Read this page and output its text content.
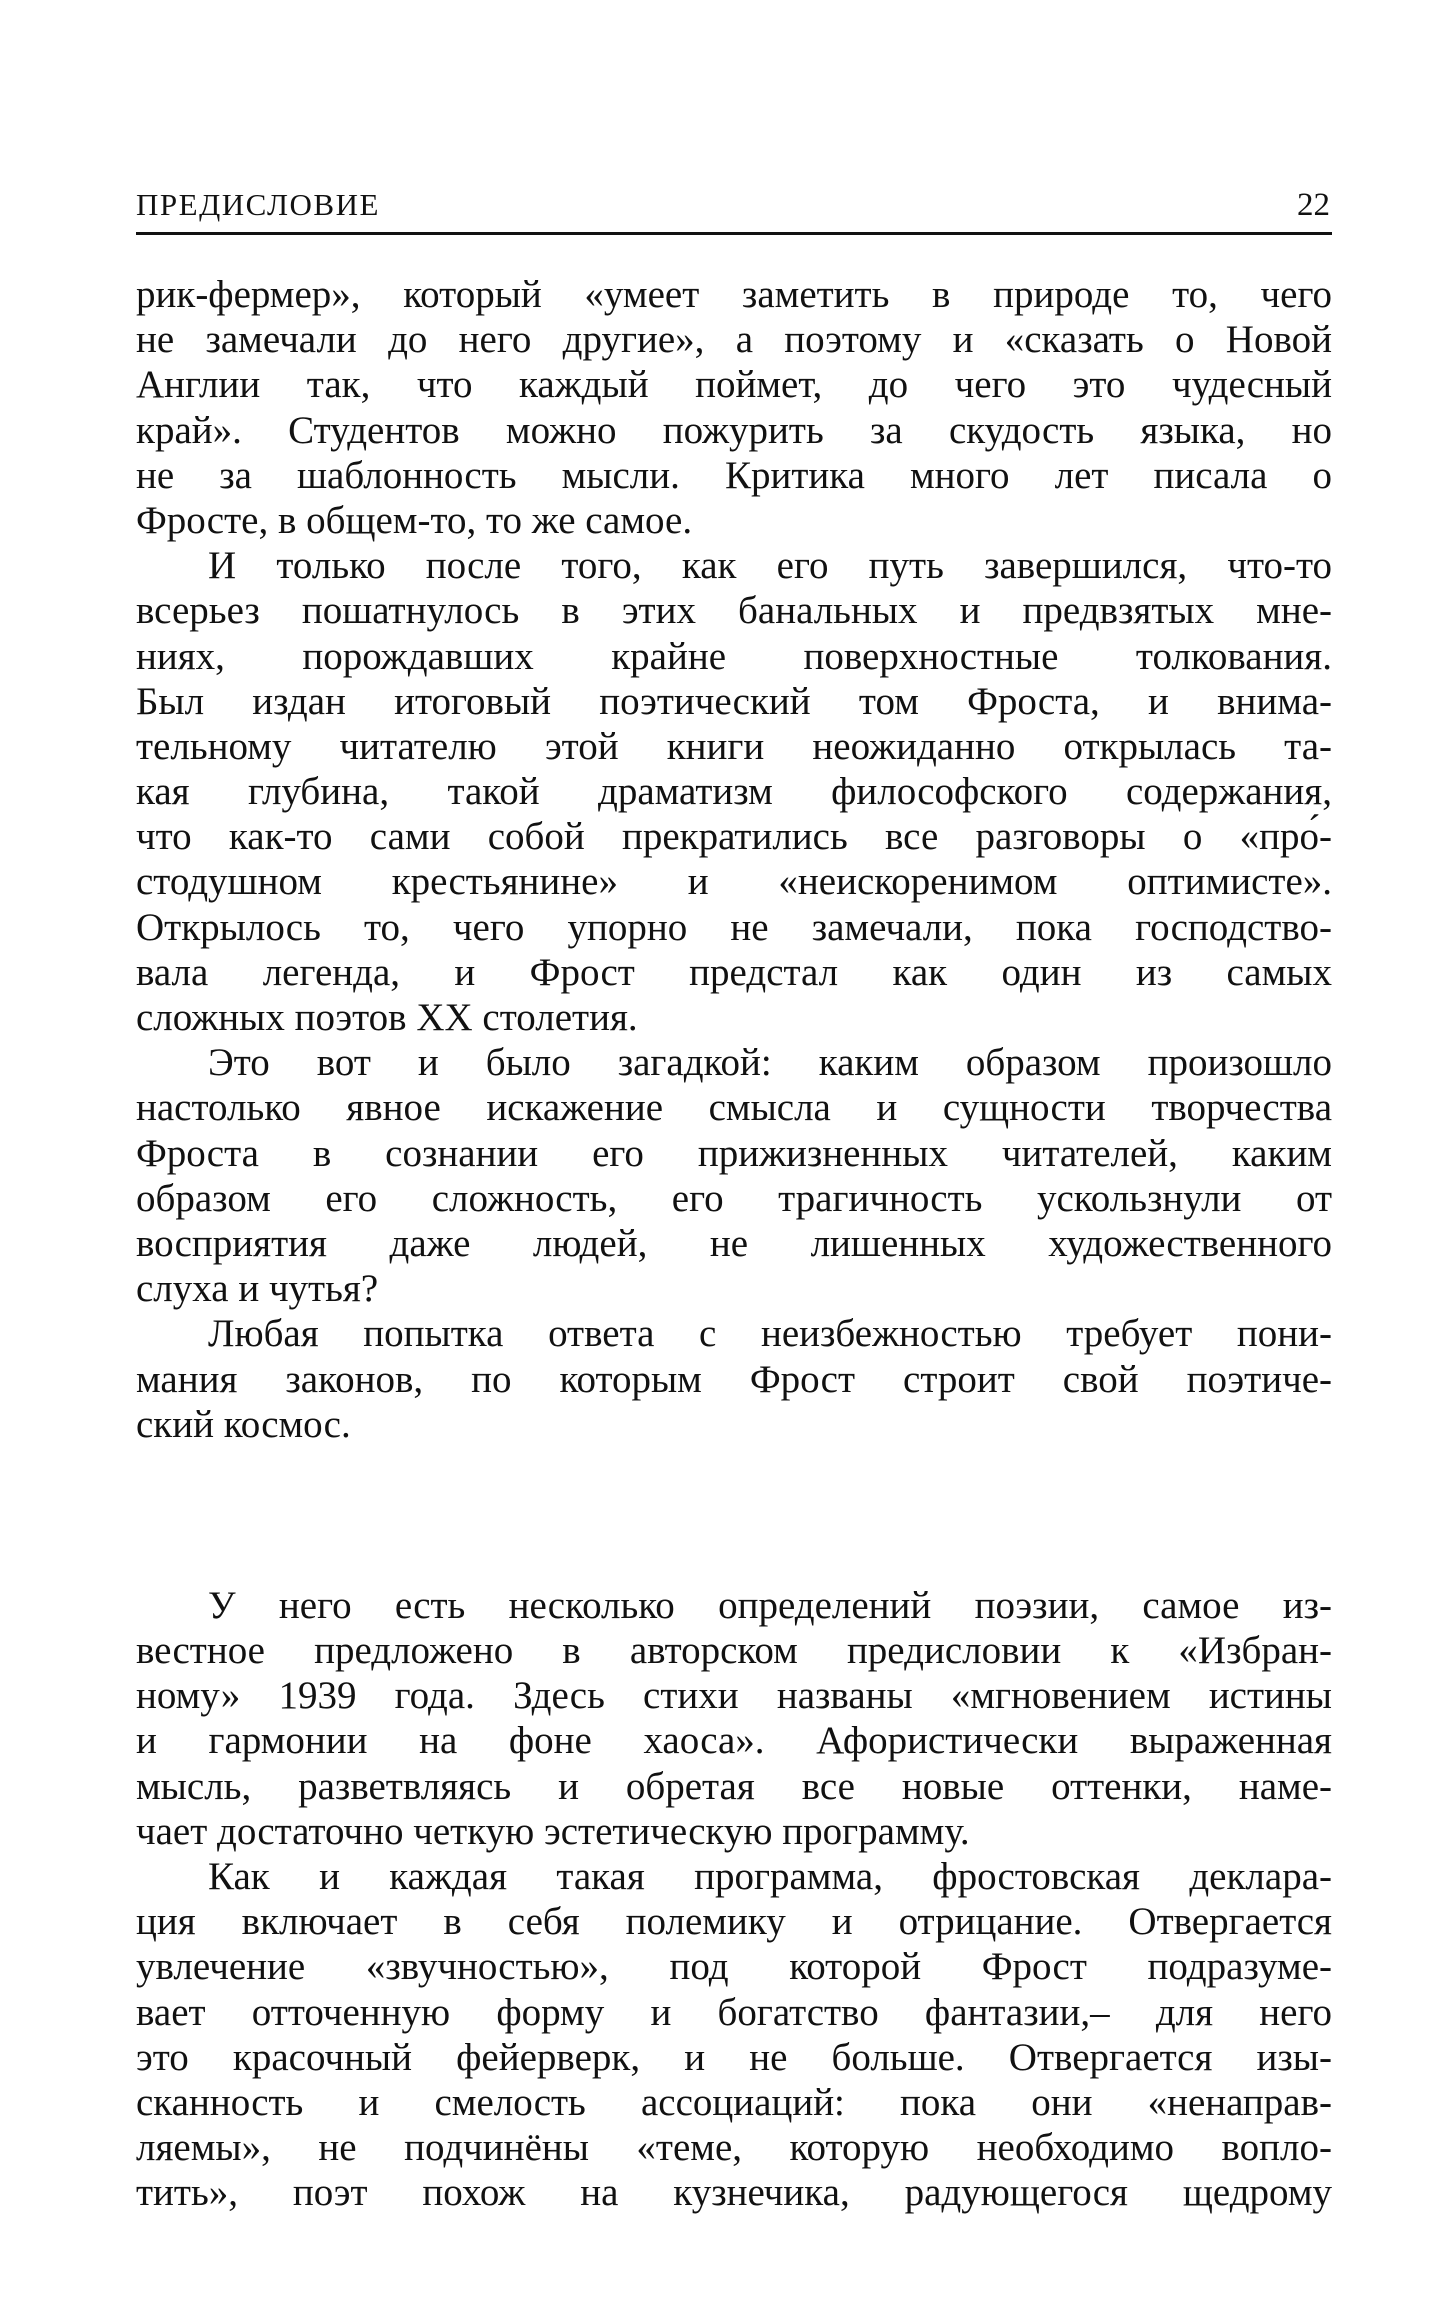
ПРЕДИСЛОВИЕ	22
рик-фермер», который «умеет заметить в природе то, чего
не замечали до него другие», а поэтому и «сказать о Новой
Англии так, что каждый поймет, до чего это чудесный
край». Студентов можно пожурить за скудость языка, но
не за шаблонность мысли. Критика много лет писала о
Фросте, в общем-то, то же самое.
И только после того, как его путь завершился, что-то
всерьез пошатнулось в этих банальных и предвзятых мне-
ниях, порождавших крайне поверхностные толкования.
Был издан итоговый поэтический том Фроста, и внима-
тельному читателю этой книги неожиданно открылась та-
кая глубина, такой драматизм философского содержания,
что как-то сами собой прекратились все разговоры о «про́-
стодушном крестьянине» и «неискоренимом оптимисте».
Открылось то, чего упорно не замечали, пока господство-
вала легенда, и Фрост предстал как один из самых
сложных поэтов XX столетия.
Это вот и было загадкой: каким образом произошло
настолько явное искажение смысла и сущности творчества
Фроста в сознании его прижизненных читателей, каким
образом его сложность, его трагичность ускользнули от
восприятия даже людей, не лишенных художественного
слуха и чутья?
Любая попытка ответа с неизбежностью требует пони-
мания законов, по которым Фрост строит свой поэтиче-
ский космос.
У него есть несколько определений поэзии, самое из-
вестное предложено в авторском предисловии к «Избран-
ному» 1939 года. Здесь стихи названы «мгновением истины
и гармонии на фоне хаоса». Афористически выраженная
мысль, разветвляясь и обретая все новые оттенки, наме-
чает достаточно четкую эстетическую программу.
Как и каждая такая программа, фростовская деклара-
ция включает в себя полемику и отрицание. Отвергается
увлечение «звучностью», под которой Фрост подразуме-
вает отточенную форму и богатство фантазии,– для него
это красочный фейерверк, и не больше. Отвергается изы-
сканность и смелость ассоциаций: пока они «ненаправ-
ляемы», не подчинёны «теме, которую необходимо вопло-
тить», поэт похож на кузнечика, радующегося щедрому
